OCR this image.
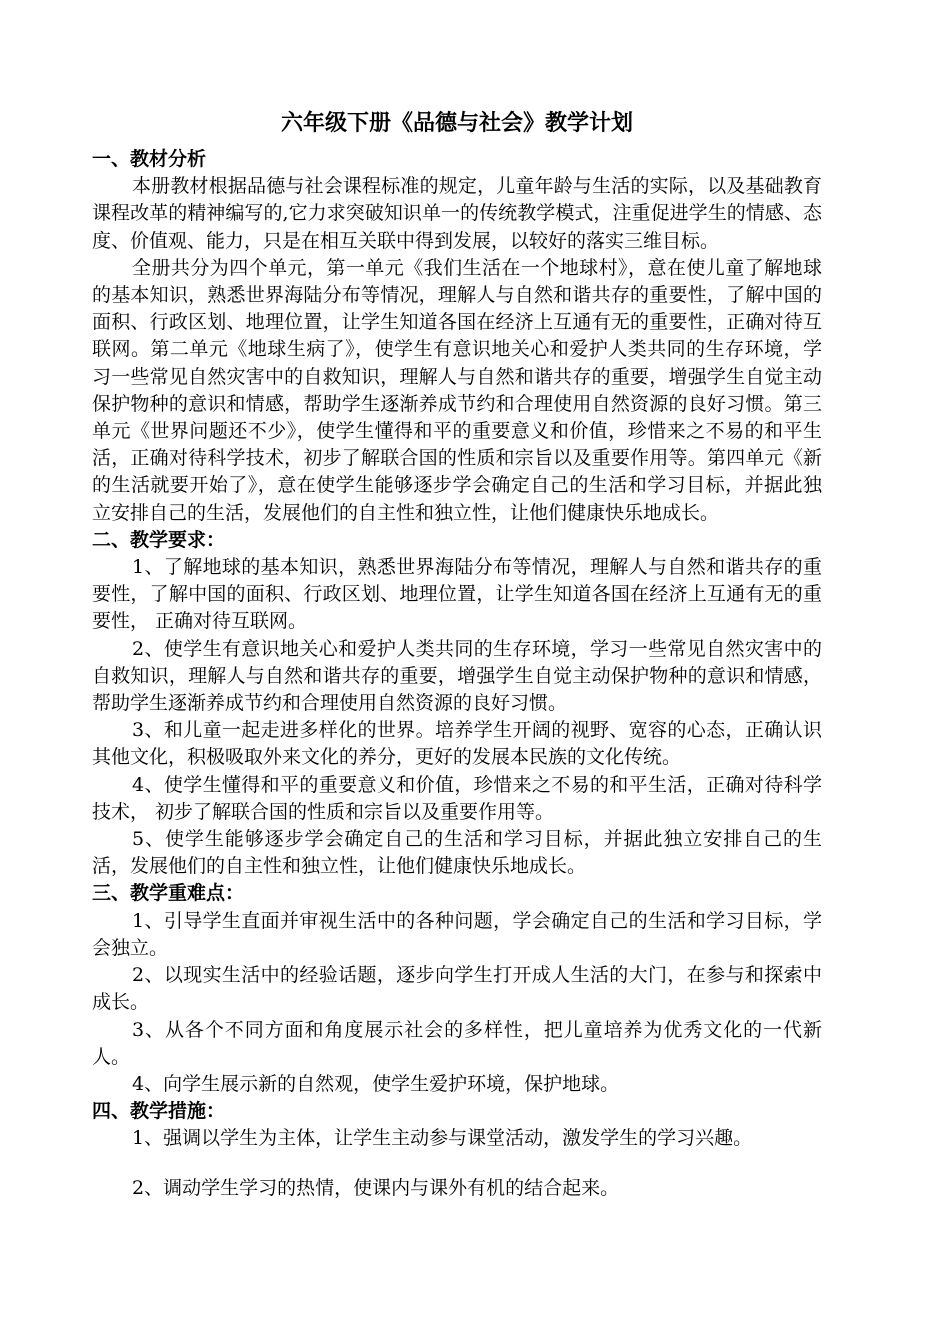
六年级下册《品德与社会》教学计划

一、教材分析

本册教材根据品德与社会课程标准的规定，儿童年龄与生活的实际，以及基础教育课程改革的精神编写的,它力求突破知识单一的传统教学模式，注重促进学生的情感、态度、价值观、能力，只是在相互关联中得到发展，以较好的落实三维目标。

全册共分为四个单元，第一单元《我们生活在一个地球村》，意在使儿童了解地球的基本知识，熟悉世界海陆分布等情况，理解人与自然和谐共存的重要性，了解中国的面积、行政区划、地理位置，让学生知道各国在经济上互通有无的重要性，正确对待互联网。第二单元《地球生病了》，使学生有意识地关心和爱护人类共同的生存环境，学习一些常见自然灾害中的自救知识，理解人与自然和谐共存的重要，增强学生自觉主动保护物种的意识和情感，帮助学生逐渐养成节约和合理使用自然资源的良好习惯。第三单元《世界问题还不少》，使学生懂得和平的重要意义和价值，珍惜来之不易的和平生活，正确对待科学技术，初步了解联合国的性质和宗旨以及重要作用等。第四单元《新的生活就要开始了》，意在使学生能够逐步学会确定自己的生活和学习目标，并据此独立安排自己的生活，发展他们的自主性和独立性，让他们健康快乐地成长。

二、教学要求：

1、了解地球的基本知识，熟悉世界海陆分布等情况，理解人与自然和谐共存的重要性，了解中国的面积、行政区划、地理位置，让学生知道各国在经济上互通有无的重要性， 正确对待互联网。

2、使学生有意识地关心和爱护人类共同的生存环境，学习一些常见自然灾害中的自救知识，理解人与自然和谐共存的重要，增强学生自觉主动保护物种的意识和情感， 帮助学生逐渐养成节约和合理使用自然资源的良好习惯。

3、和儿童一起走进多样化的世界。培养学生开阔的视野、宽容的心态，正确认识其他文化，积极吸取外来文化的养分，更好的发展本民族的文化传统。

4、使学生懂得和平的重要意义和价值，珍惜来之不易的和平生活，正确对待科学技术， 初步了解联合国的性质和宗旨以及重要作用等。

5、使学生能够逐步学会确定自己的生活和学习目标，并据此独立安排自己的生活，发展他们的自主性和独立性，让他们健康快乐地成长。

三、教学重难点：

1、引导学生直面并审视生活中的各种问题，学会确定自己的生活和学习目标，学会独立。

2、以现实生活中的经验话题，逐步向学生打开成人生活的大门，在参与和探索中成长。

3、从各个不同方面和角度展示社会的多样性，把儿童培养为优秀文化的一代新人。

4、向学生展示新的自然观，使学生爱护环境，保护地球。

四、教学措施：

1、强调以学生为主体，让学生主动参与课堂活动，激发学生的学习兴趣。

2、调动学生学习的热情，使课内与课外有机的结合起来。
